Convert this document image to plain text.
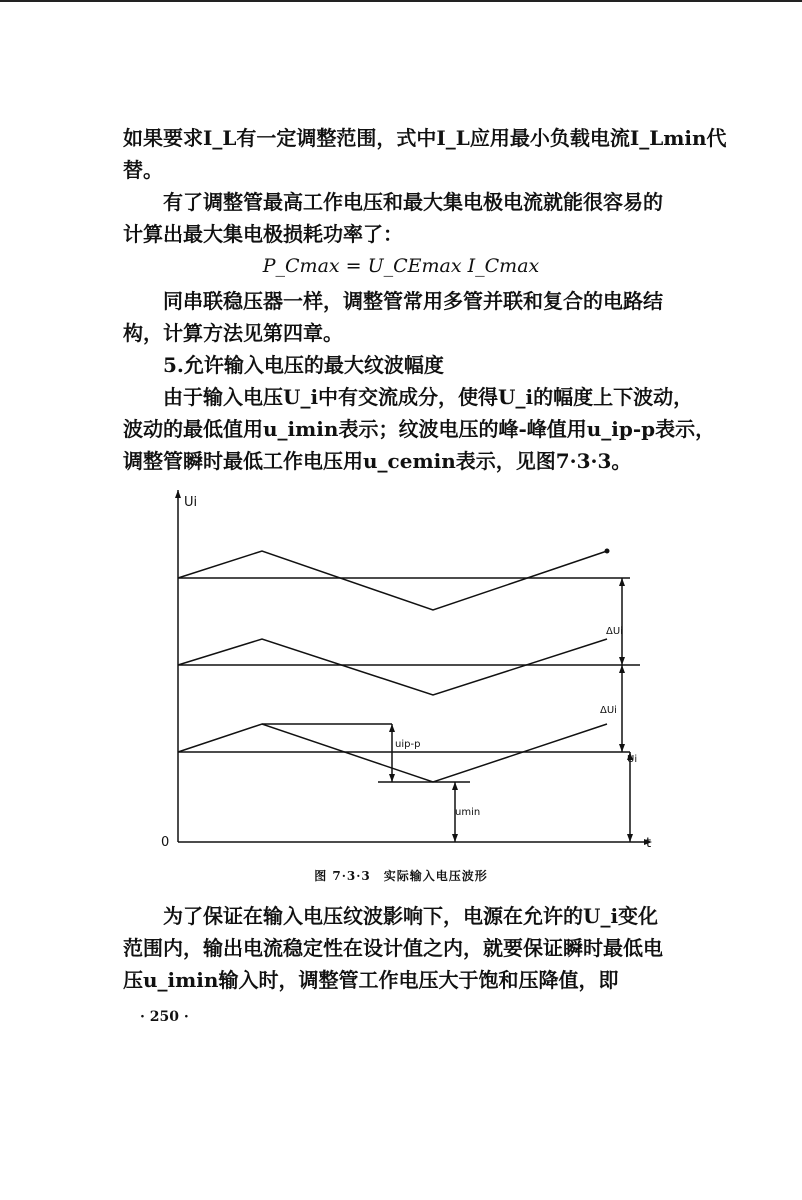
如果要求I_L有一定调整范围，式中I_L应用最小负载电流I_Lmin代
替。
有了调整管最高工作电压和最大集电极电流就能很容易的
计算出最大集电极损耗功率了：
P_Cmax = U_CEmax I_Cmax
同串联稳压器一样，调整管常用多管并联和复合的电路结
构，计算方法见第四章。
5.允许输入电压的最大纹波幅度
由于输入电压U_i中有交流成分，使得U_i的幅度上下波动，
波动的最低值用u_imin表示；纹波电压的峰-峰值用u_ip-p表示，
调整管瞬时最低工作电压用u_cemin表示，见图7·3·3。
Ui
t
0
ΔUi
ΔUi
Ui
uip-p
umin
图 7·3·3　实际输入电压波形
为了保证在输入电压纹波影响下，电源在允许的U_i变化
范围内，输出电流稳定性在设计值之内，就要保证瞬时最低电
压u_imin输入时，调整管工作电压大于饱和压降值，即
· 250 ·
